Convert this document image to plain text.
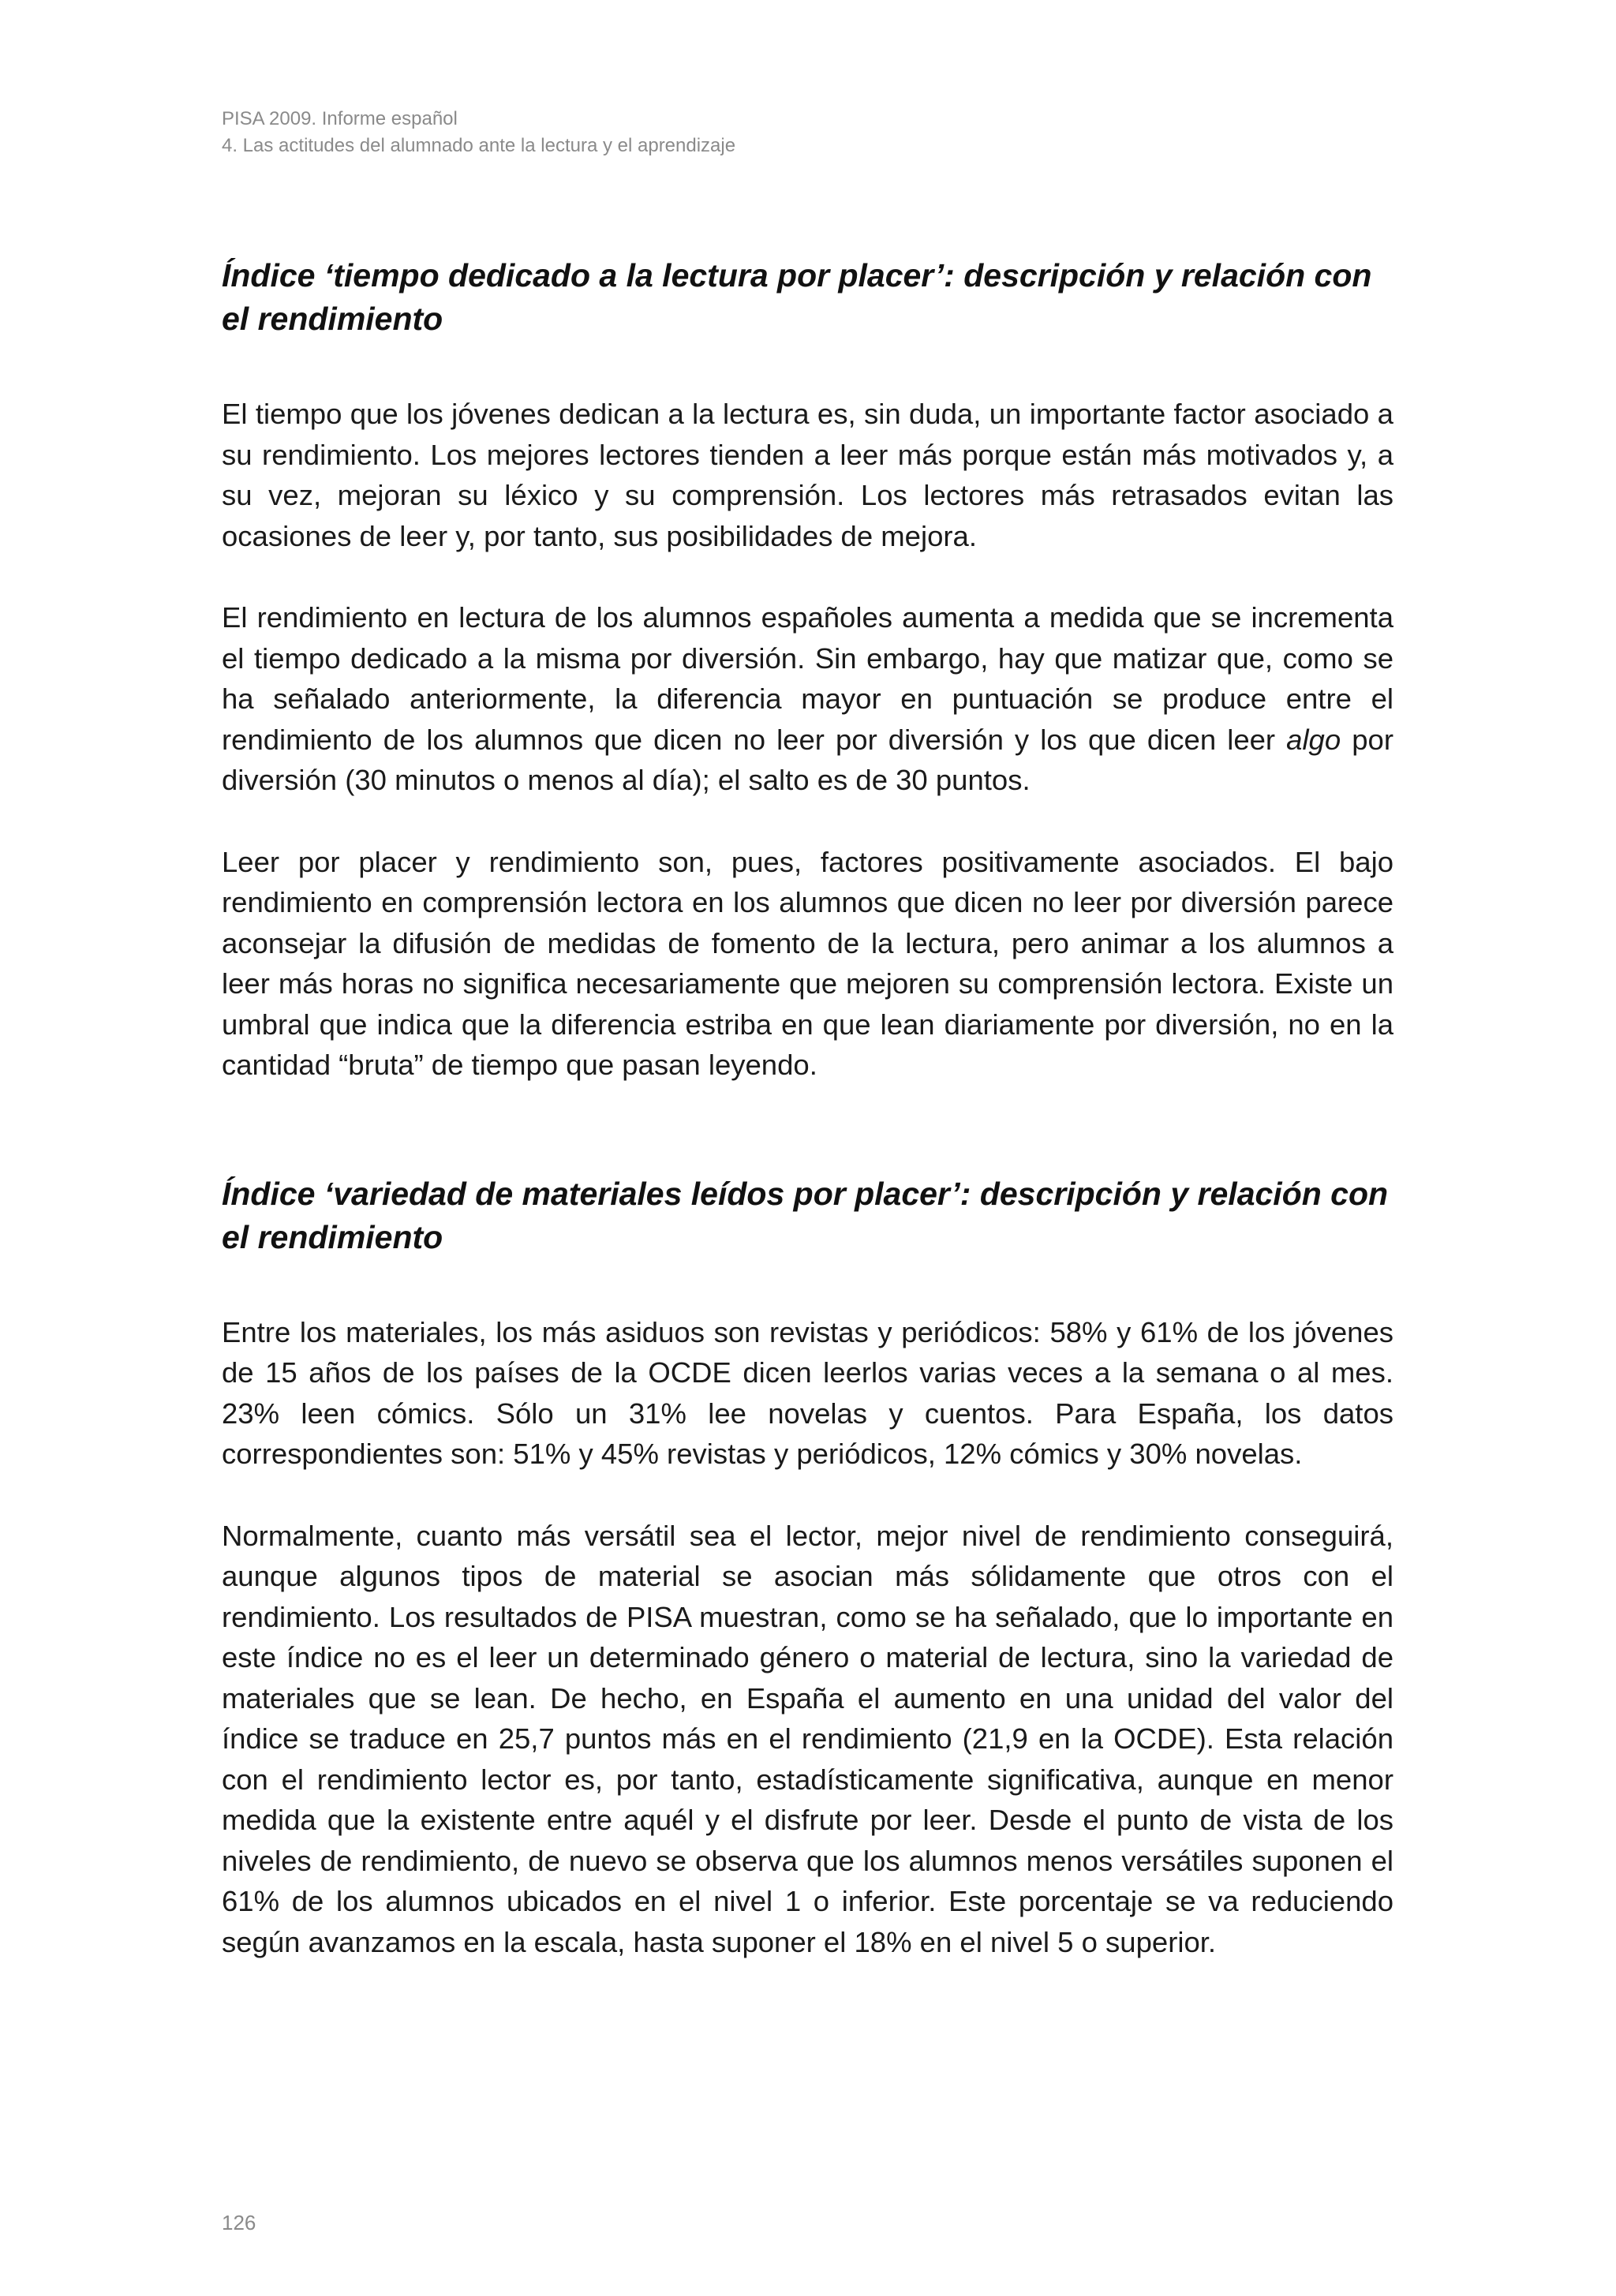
PISA 2009. Informe español
4. Las actitudes del alumnado ante la lectura y el aprendizaje
Índice ‘tiempo dedicado a la lectura por placer’: descripción y relación con el rendimiento

El tiempo que los jóvenes dedican a la lectura es, sin duda, un importante factor asociado a su rendimiento. Los mejores lectores tienden a leer más porque están más motivados y, a su vez, mejoran su léxico y su comprensión. Los lectores más retrasados evitan las ocasiones de leer y, por tanto, sus posibilidades de mejora.

El rendimiento en lectura de los alumnos españoles aumenta a medida que se incrementa el tiempo dedicado a la misma por diversión. Sin embargo, hay que matizar que, como se ha señalado anteriormente, la diferencia mayor en puntuación se produce entre el rendimiento de los alumnos que dicen no leer por diversión y los que dicen leer algo por diversión (30 minutos o menos al día); el salto es de 30 puntos.

Leer por placer y rendimiento son, pues, factores positivamente asociados. El bajo rendimiento en comprensión lectora en los alumnos que dicen no leer por diversión parece aconsejar la difusión de medidas de fomento de la lectura, pero animar a los alumnos a leer más horas no significa necesariamente que mejoren su comprensión lectora. Existe un umbral que indica que la diferencia estriba en que lean diariamente por diversión, no en la cantidad “bruta” de tiempo que pasan leyendo.

Índice ‘variedad de materiales leídos por placer’: descripción y relación con el rendimiento

Entre los materiales, los más asiduos son revistas y periódicos: 58% y 61% de los jóvenes de 15 años de los países de la OCDE dicen leerlos varias veces a la semana o al mes. 23% leen cómics. Sólo un 31% lee novelas y cuentos. Para España, los datos correspondientes son: 51% y 45% revistas y periódicos, 12% cómics y 30% novelas.

Normalmente, cuanto más versátil sea el lector, mejor nivel de rendimiento conseguirá, aunque algunos tipos de material se asocian más sólidamente que otros con el rendimiento. Los resultados de PISA muestran, como se ha señalado, que lo importante en este índice no es el leer un determinado género o material de lectura, sino la variedad de materiales que se lean. De hecho, en España el aumento en una unidad del valor del índice se traduce en 25,7 puntos más en el rendimiento (21,9 en la OCDE). Esta relación con el rendimiento lector es, por tanto, estadísticamente significativa, aunque en menor medida que la existente entre aquél y el disfrute por leer. Desde el punto de vista de los niveles de rendimiento, de nuevo se observa que los alumnos menos versátiles suponen el 61% de los alumnos ubicados en el nivel 1 o inferior. Este porcentaje se va reduciendo según avanzamos en la escala, hasta suponer el 18% en el nivel 5 o superior.

126
